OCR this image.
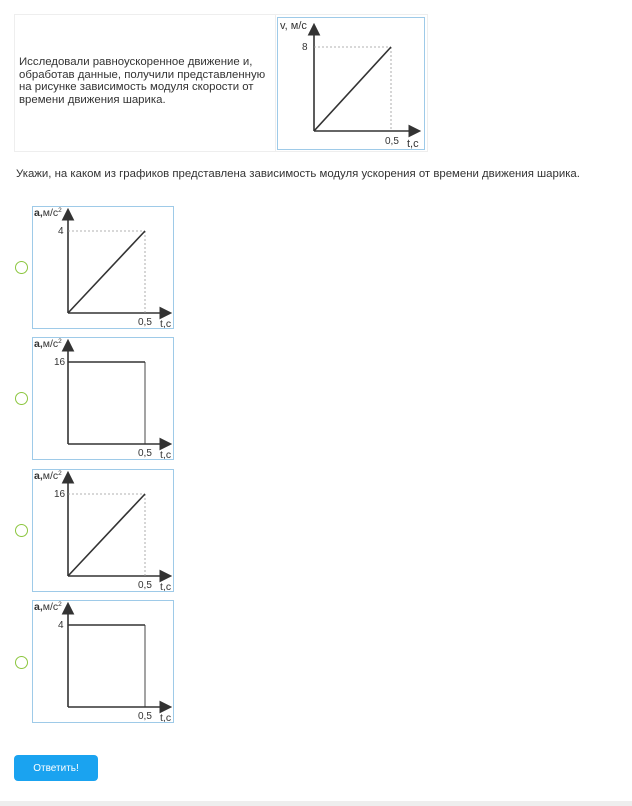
Исследовали равноускоренное движение и, обработав данные, получили представленную на рисунке зависимость модуля скорости от времени движения шарика.
v, м/с
8
0,5 t,c
Укажи, на каком из графиков представлена зависимость модуля ускорения от времени движения шарика.
$a,м/с^2$
4
0,5 t,c
$a,м/с^2$
16
0,5 t,c
$a,м/с^2$
16
0,5 t,c
$a,м/с^2$
4
0,5 t,c
Ответить!
